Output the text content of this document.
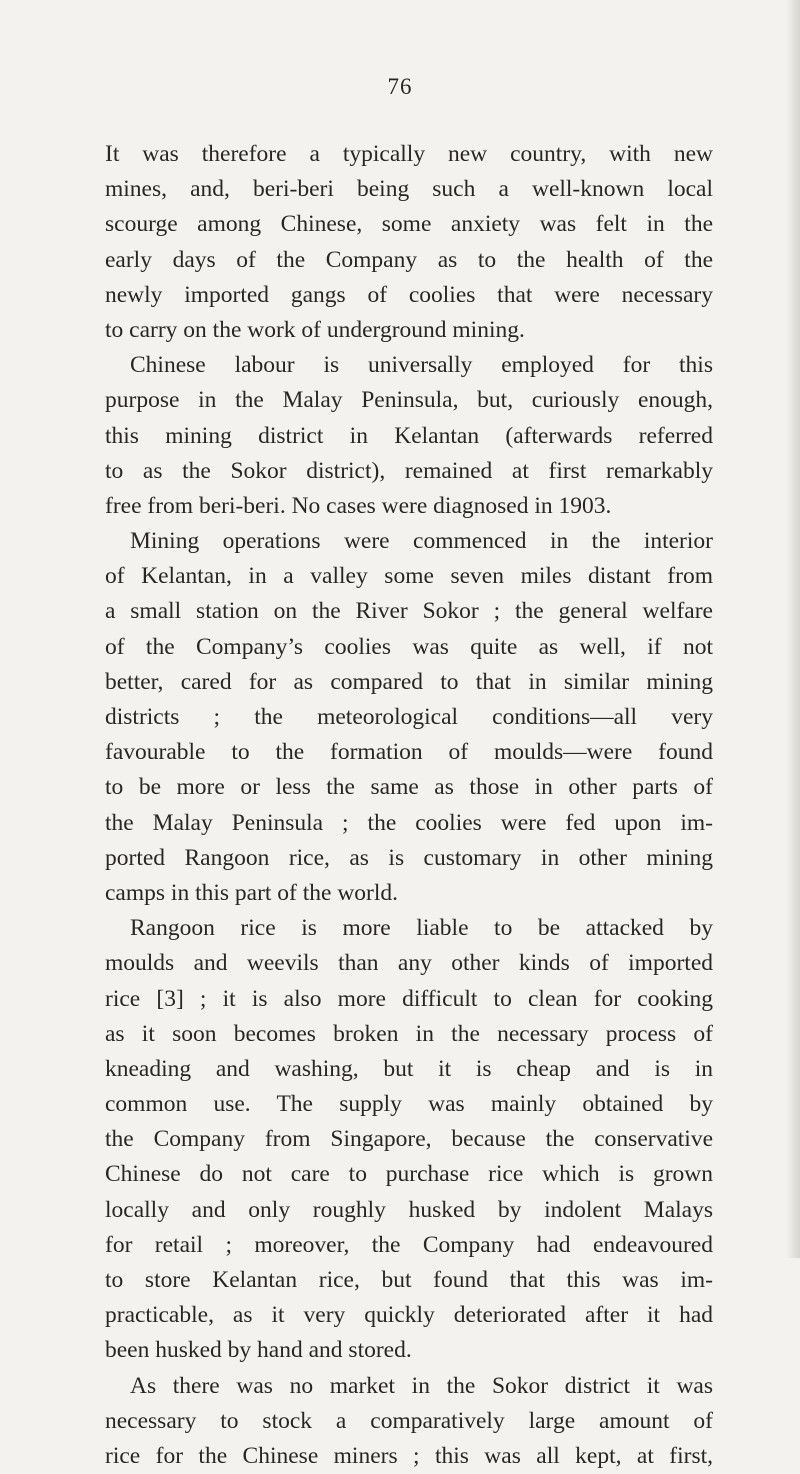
76
It was therefore a typically new country, with new
mines, and, beri-beri being such a well-known local
scourge among Chinese, some anxiety was felt in the
early days of the Company as to the health of the
newly imported gangs of coolies that were necessary
to carry on the work of underground mining.
Chinese labour is universally employed for this
purpose in the Malay Peninsula, but, curiously enough,
this mining district in Kelantan (afterwards referred
to as the Sokor district), remained at first remarkably
free from beri-beri. No cases were diagnosed in 1903.
Mining operations were commenced in the interior
of Kelantan, in a valley some seven miles distant from
a small station on the River Sokor ; the general welfare
of the Company’s coolies was quite as well, if not
better, cared for as compared to that in similar mining
districts ; the meteorological conditions—all very
favourable to the formation of moulds—were found
to be more or less the same as those in other parts of
the Malay Peninsula ; the coolies were fed upon im-
ported Rangoon rice, as is customary in other mining
camps in this part of the world.
Rangoon rice is more liable to be attacked by
moulds and weevils than any other kinds of imported
rice [3] ; it is also more difficult to clean for cooking
as it soon becomes broken in the necessary process of
kneading and washing, but it is cheap and is in
common use. The supply was mainly obtained by
the Company from Singapore, because the conservative
Chinese do not care to purchase rice which is grown
locally and only roughly husked by indolent Malays
for retail ; moreover, the Company had endeavoured
to store Kelantan rice, but found that this was im-
practicable, as it very quickly deteriorated after it had
been husked by hand and stored.
As there was no market in the Sokor district it was
necessary to stock a comparatively large amount of
rice for the Chinese miners ; this was all kept, at first,
